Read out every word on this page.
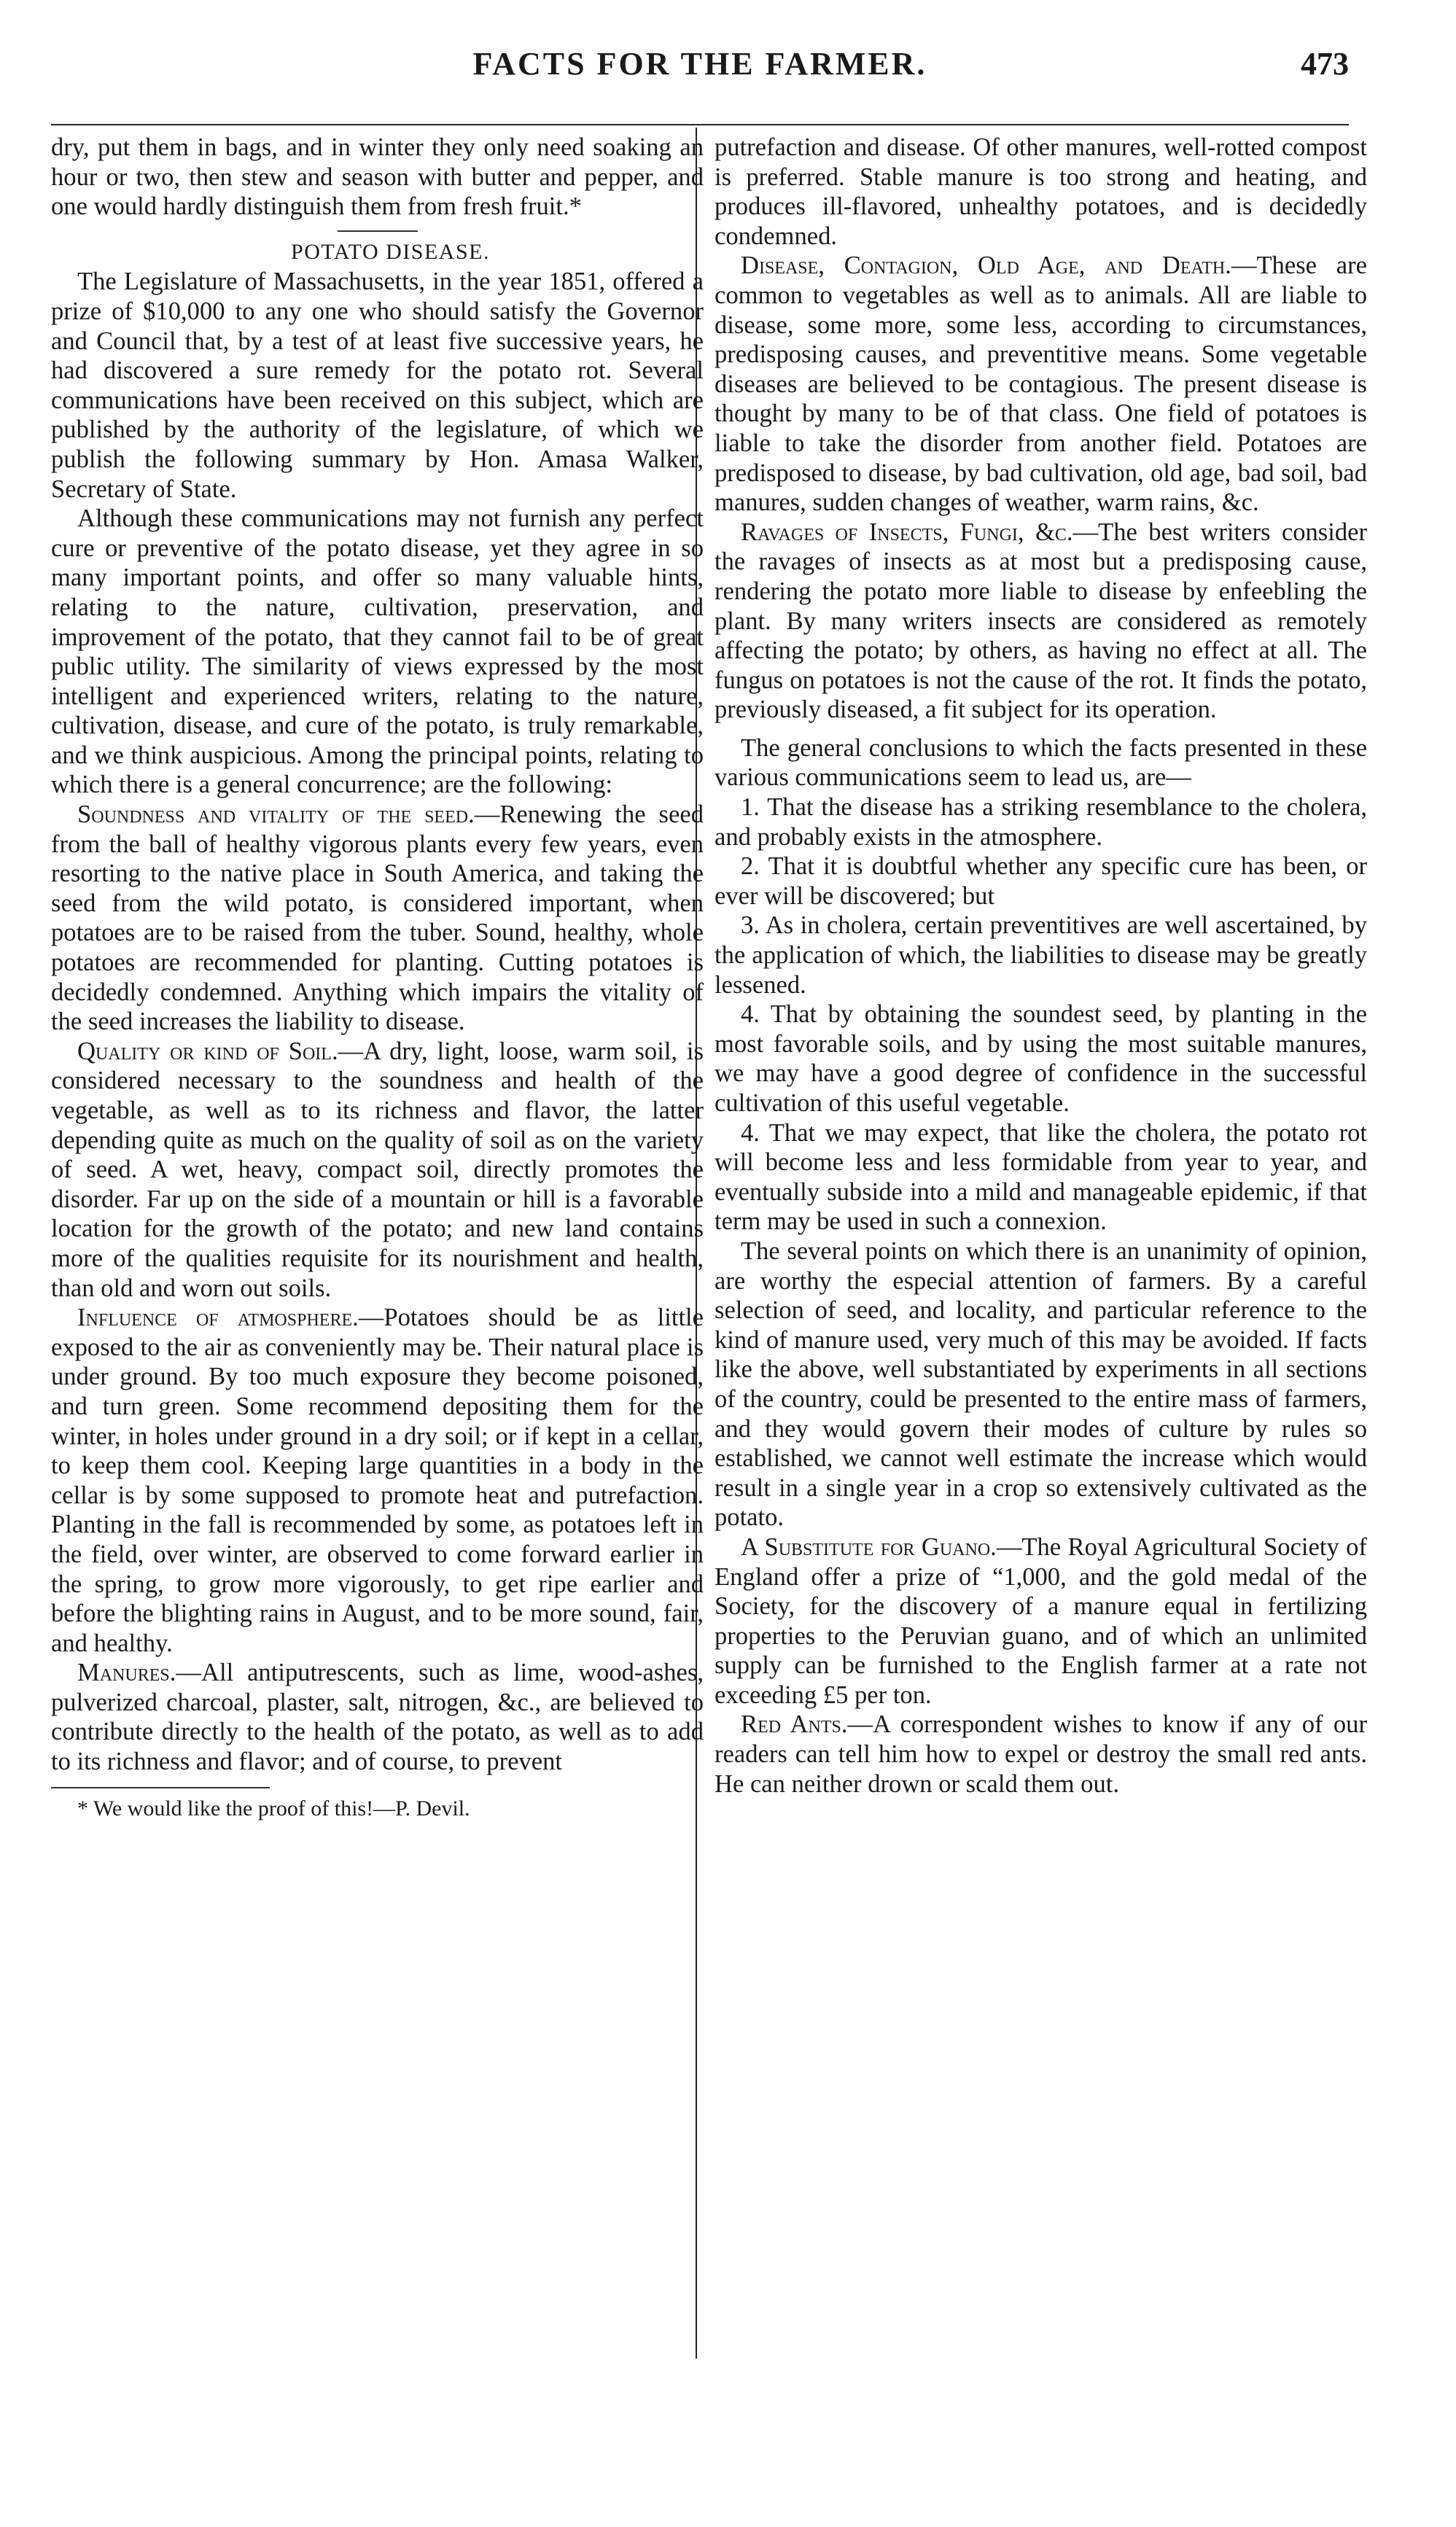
FACTS FOR THE FARMER.	473

dry, put them in bags, and in winter they only need soaking an hour or two, then stew and season with butter and pepper, and one would hardly distinguish them from fresh fruit.*

POTATO DISEASE.

The Legislature of Massachusetts, in the year 1851, offered a prize of $10,000 to any one who should satisfy the Governor and Council that, by a test of at least five successive years, he had discovered a sure remedy for the potato rot. Several communications have been received on this subject, which are published by the authority of the legislature, of which we publish the following summary by Hon. Amasa Walker, Secretary of State.

Although these communications may not furnish any perfect cure or preventive of the potato disease, yet they agree in so many important points, and offer so many valuable hints, relating to the nature, cultivation, preservation, and improvement of the potato, that they cannot fail to be of great public utility. The similarity of views expressed by the most intelligent and experienced writers, relating to the nature, cultivation, disease, and cure of the potato, is truly remarkable, and we think auspicious. Among the principal points, relating to which there is a general concurrence; are the following:

Soundness and vitality of the seed.—Renewing the seed from the ball of healthy vigorous plants every few years, even resorting to the native place in South America, and taking the seed from the wild potato, is considered important, when potatoes are to be raised from the tuber. Sound, healthy, whole potatoes are recommended for planting. Cutting potatoes is decidedly condemned. Anything which impairs the vitality of the seed increases the liability to disease.

Quality or kind of Soil.—A dry, light, loose, warm soil, is considered necessary to the soundness and health of the vegetable, as well as to its richness and flavor, the latter depending quite as much on the quality of soil as on the variety of seed. A wet, heavy, compact soil, directly promotes the disorder. Far up on the side of a mountain or hill is a favorable location for the growth of the potato; and new land contains more of the qualities requisite for its nourishment and health, than old and worn out soils.

Influence of atmosphere.—Potatoes should be as little exposed to the air as conveniently may be. Their natural place is under ground. By too much exposure they become poisoned, and turn green. Some recommend depositing them for the winter, in holes under ground in a dry soil; or if kept in a cellar, to keep them cool. Keeping large quantities in a body in the cellar is by some supposed to promote heat and putrefaction. Planting in the fall is recommended by some, as potatoes left in the field, over winter, are observed to come forward earlier in the spring, to grow more vigorously, to get ripe earlier and before the blighting rains in August, and to be more sound, fair, and healthy.

Manures.—All antiputrescents, such as lime, wood-ashes, pulverized charcoal, plaster, salt, nitrogen, &c., are believed to contribute directly to the health of the potato, as well as to add to its richness and flavor; and of course, to prevent

* We would like the proof of this!—P. Devil.

putrefaction and disease. Of other manures, well-rotted compost is preferred. Stable manure is too strong and heating, and produces ill-flavored, unhealthy potatoes, and is decidedly condemned.

Disease, Contagion, Old Age, and Death.—These are common to vegetables as well as to animals. All are liable to disease, some more, some less, according to circumstances, predisposing causes, and preventitive means. Some vegetable diseases are believed to be contagious. The present disease is thought by many to be of that class. One field of potatoes is liable to take the disorder from another field. Potatoes are predisposed to disease, by bad cultivation, old age, bad soil, bad manures, sudden changes of weather, warm rains, &c.

Ravages of Insects, Fungi, &c.—The best writers consider the ravages of insects as at most but a predisposing cause, rendering the potato more liable to disease by enfeebling the plant. By many writers insects are considered as remotely affecting the potato; by others, as having no effect at all. The fungus on potatoes is not the cause of the rot. It finds the potato, previously diseased, a fit subject for its operation.

The general conclusions to which the facts presented in these various communications seem to lead us, are—

1. That the disease has a striking resemblance to the cholera, and probably exists in the atmosphere.

2. That it is doubtful whether any specific cure has been, or ever will be discovered; but

3. As in cholera, certain preventitives are well ascertained, by the application of which, the liabilities to disease may be greatly lessened.

4. That by obtaining the soundest seed, by planting in the most favorable soils, and by using the most suitable manures, we may have a good degree of confidence in the successful cultivation of this useful vegetable.

4. That we may expect, that like the cholera, the potato rot will become less and less formidable from year to year, and eventually subside into a mild and manageable epidemic, if that term may be used in such a connexion.

The several points on which there is an unanimity of opinion, are worthy the especial attention of farmers. By a careful selection of seed, and locality, and particular reference to the kind of manure used, very much of this may be avoided. If facts like the above, well substantiated by experiments in all sections of the country, could be presented to the entire mass of farmers, and they would govern their modes of culture by rules so established, we cannot well estimate the increase which would result in a single year in a crop so extensively cultivated as the potato.

A Substitute for Guano.—The Royal Agricultural Society of England offer a prize of “1,000, and the gold medal of the Society, for the discovery of a manure equal in fertilizing properties to the Peruvian guano, and of which an unlimited supply can be furnished to the English farmer at a rate not exceeding £5 per ton.

Red Ants.—A correspondent wishes to know if any of our readers can tell him how to expel or destroy the small red ants. He can neither drown or scald them out.
